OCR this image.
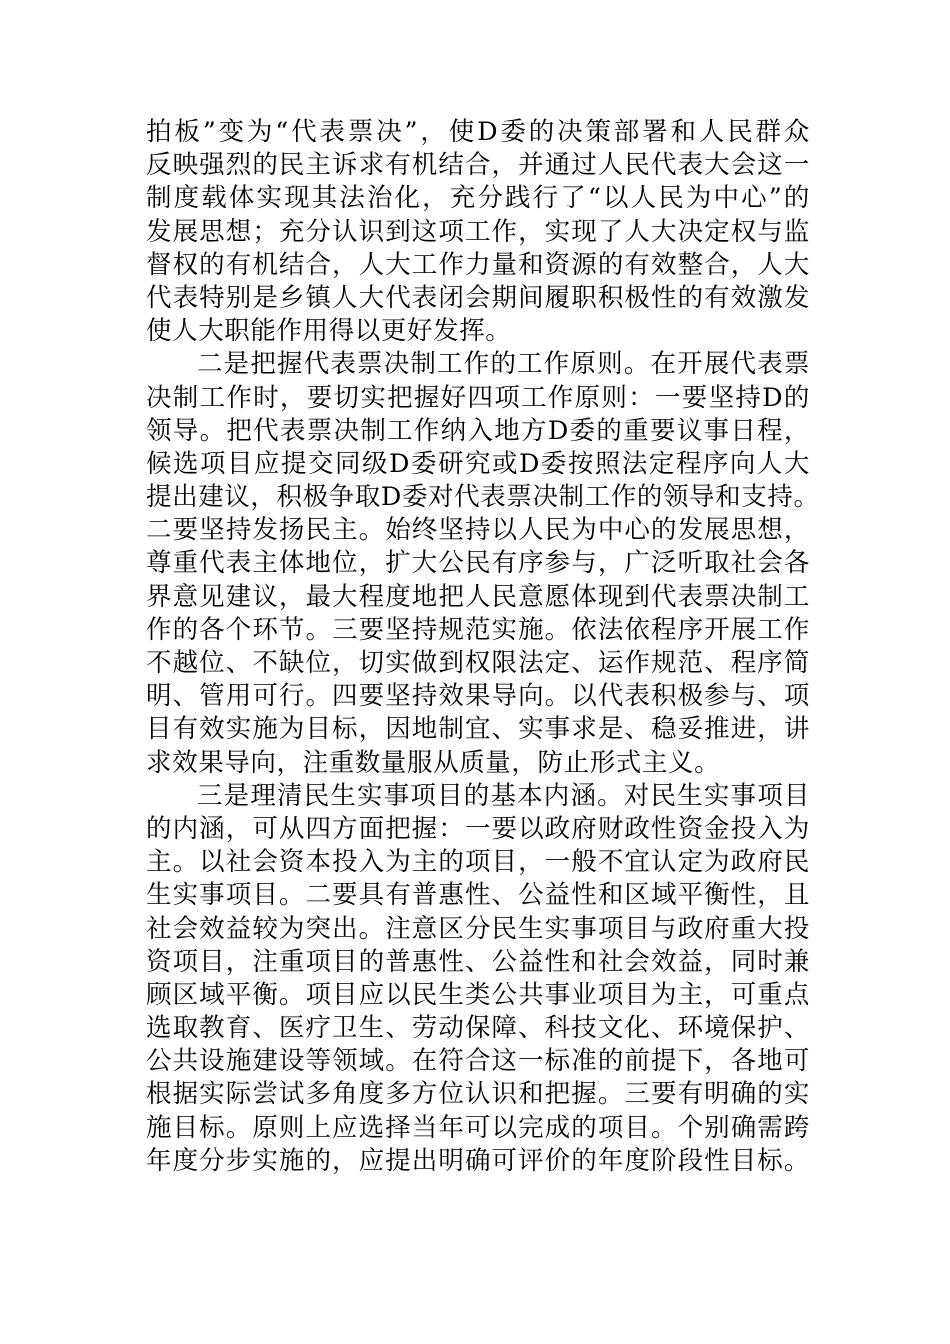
拍板”变为“代表票决”，使D委的决策部署和人民群众
反映强烈的民主诉求有机结合，并通过人民代表大会这一
制度载体实现其法治化，充分践行了“以人民为中心”的
发展思想；充分认识到这项工作，实现了人大决定权与监
督权的有机结合，人大工作力量和资源的有效整合，人大
代表特别是乡镇人大代表闭会期间履职积极性的有效激发
使人大职能作用得以更好发挥。
二是把握代表票决制工作的工作原则。在开展代表票
决制工作时，要切实把握好四项工作原则：一要坚持D的
领导。把代表票决制工作纳入地方D委的重要议事日程，
候选项目应提交同级D委研究或D委按照法定程序向人大
提出建议，积极争取D委对代表票决制工作的领导和支持。
二要坚持发扬民主。始终坚持以人民为中心的发展思想，
尊重代表主体地位，扩大公民有序参与，广泛听取社会各
界意见建议，最大程度地把人民意愿体现到代表票决制工
作的各个环节。三要坚持规范实施。依法依程序开展工作
不越位、不缺位，切实做到权限法定、运作规范、程序简
明、管用可行。四要坚持效果导向。以代表积极参与、项
目有效实施为目标，因地制宜、实事求是、稳妥推进，讲
求效果导向，注重数量服从质量，防止形式主义。
三是理清民生实事项目的基本内涵。对民生实事项目
的内涵，可从四方面把握：一要以政府财政性资金投入为
主。以社会资本投入为主的项目，一般不宜认定为政府民
生实事项目。二要具有普惠性、公益性和区域平衡性，且
社会效益较为突出。注意区分民生实事项目与政府重大投
资项目，注重项目的普惠性、公益性和社会效益，同时兼
顾区域平衡。项目应以民生类公共事业项目为主，可重点
选取教育、医疗卫生、劳动保障、科技文化、环境保护、
公共设施建设等领域。在符合这一标准的前提下，各地可
根据实际尝试多角度多方位认识和把握。三要有明确的实
施目标。原则上应选择当年可以完成的项目。个别确需跨
年度分步实施的，应提出明确可评价的年度阶段性目标。
